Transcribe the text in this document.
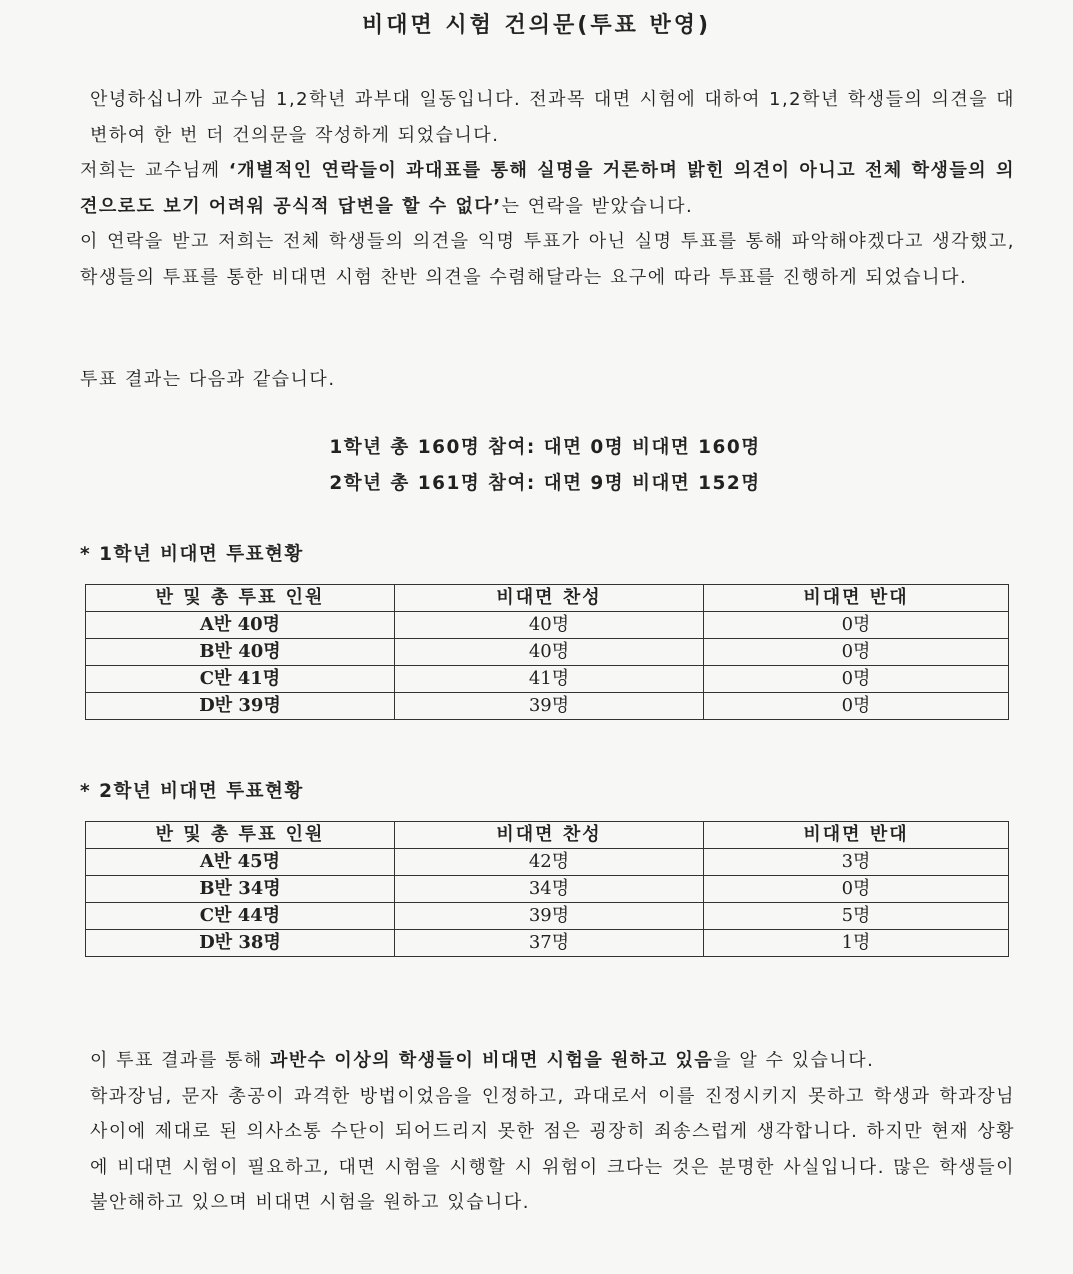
비대면 시험 건의문(투표 반영)
안녕하십니까 교수님 1,2학년 과부대 일동입니다. 전과목 대면 시험에 대하여 1,2학년 학생들의 의견을 대변하여 한 번 더 건의문을 작성하게 되었습니다.
저희는 교수님께 ‘개별적인 연락들이 과대표를 통해 실명을 거론하며 밝힌 의견이 아니고 전체 학생들의 의견으로도 보기 어려워 공식적 답변을 할 수 없다’는 연락을 받았습니다.
이 연락을 받고 저희는 전체 학생들의 의견을 익명 투표가 아닌 실명 투표를 통해 파악해야겠다고 생각했고, 학생들의 투표를 통한 비대면 시험 찬반 의견을 수렴해달라는 요구에 따라 투표를 진행하게 되었습니다.
투표 결과는 다음과 같습니다.
1학년 총 160명 참여: 대면 0명 비대면 160명
2학년 총 161명 참여: 대면 9명 비대면 152명
* 1학년 비대면 투표현황
반 및 총 투표 인원	비대면 찬성	비대면 반대
A반 40명	40명	0명
B반 40명	40명	0명
C반 41명	41명	0명
D반 39명	39명	0명
* 2학년 비대면 투표현황
반 및 총 투표 인원	비대면 찬성	비대면 반대
A반 45명	42명	3명
B반 34명	34명	0명
C반 44명	39명	5명
D반 38명	37명	1명
이 투표 결과를 통해 과반수 이상의 학생들이 비대면 시험을 원하고 있음을 알 수 있습니다.
학과장님, 문자 총공이 과격한 방법이었음을 인정하고, 과대로서 이를 진정시키지 못하고 학생과 학과장님 사이에 제대로 된 의사소통 수단이 되어드리지 못한 점은 굉장히 죄송스럽게 생각합니다. 하지만 현재 상황에 비대면 시험이 필요하고, 대면 시험을 시행할 시 위험이 크다는 것은 분명한 사실입니다. 많은 학생들이 불안해하고 있으며 비대면 시험을 원하고 있습니다.
